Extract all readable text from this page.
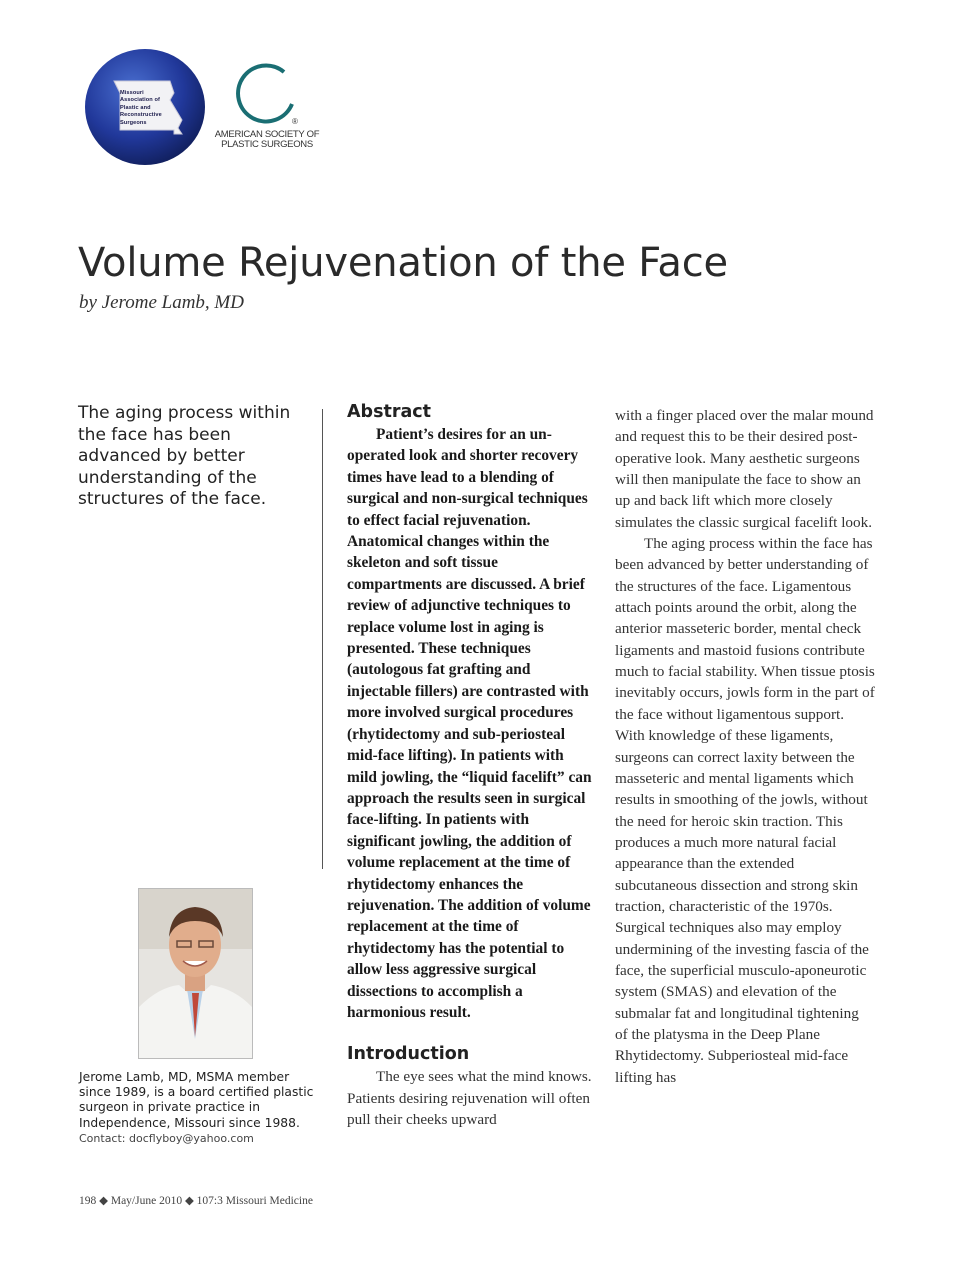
Missouri
Association of
Plastic and
Reconstructive
Surgeons	®
AMERICAN SOCIETY OF
PLASTIC SURGEONS
Volume Rejuvenation of the Face
by Jerome Lamb, MD
The aging process within the face has been advanced by better understanding of the structures of the face.
Abstract

Patient’s desires for an un-operated look and shorter recovery times have lead to a blending of surgical and non-surgical techniques to effect facial rejuvenation. Anatomical changes within the skeleton and soft tissue compartments are discussed. A brief review of adjunctive techniques to replace volume lost in aging is presented. These techniques (autologous fat grafting and injectable fillers) are contrasted with more involved surgical procedures (rhytidectomy and sub-periosteal mid-face lifting). In patients with mild jowling, the “liquid facelift” can approach the results seen in surgical face-lifting. In patients with significant jowling, the addition of volume replacement at the time of rhytidectomy enhances the rejuvenation. The addition of volume replacement at the time of rhytidectomy has the potential to allow less aggressive surgical dissections to accomplish a harmonious result.

Introduction

The eye sees what the mind knows. Patients desiring rejuvenation will often pull their cheeks upward

with a finger placed over the malar mound and request this to be their desired post-operative look. Many aesthetic surgeons will then manipulate the face to show an up and back lift which more closely simulates the classic surgical facelift look.

The aging process within the face has been advanced by better understanding of the structures of the face. Ligamentous attach points around the orbit, along the anterior masseteric border, mental check ligaments and mastoid fusions contribute much to facial stability. When tissue ptosis inevitably occurs, jowls form in the part of the face without ligamentous support. With knowledge of these ligaments, surgeons can correct laxity between the masseteric and mental ligaments which results in smoothing of the jowls, without the need for heroic skin traction. This produces a much more natural facial appearance than the extended subcutaneous dissection and strong skin traction, characteristic of the 1970s. Surgical techniques also may employ undermining of the investing fascia of the face, the superficial musculo-aponeurotic system (SMAS) and elevation of the submalar fat and longitudinal tightening of the platysma in the Deep Plane Rhytidectomy. Subperiosteal mid-face lifting has

Jerome Lamb, MD, MSMA member since 1989, is a board certified plastic surgeon in private practice in Independence, Missouri since 1988.
Contact: docflyboy@yahoo.com
198 ◆ May/June 2010 ◆ 107:3 Missouri Medicine
